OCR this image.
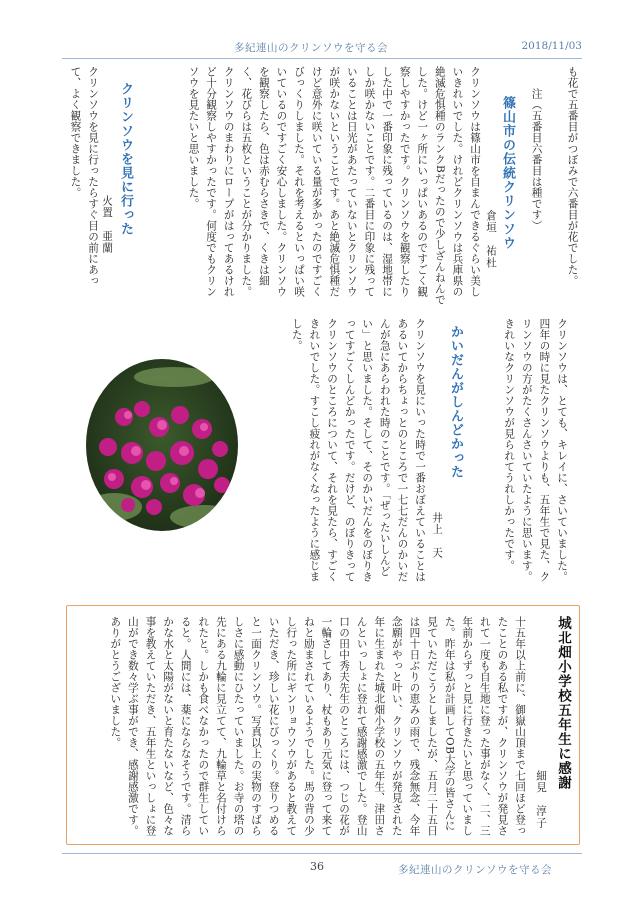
多紀連山のクリンソウを守る会	2018/11/03
も花で五番目がつぼみで六番目が花でした。
注（五番目六番目は種です）
篠山市の伝統クリンソウ
倉垣　祐杜
クリンソウは篠山市を自まんできるぐらい美しいきれいでした。けれどクリンソウは兵庫県の絶滅危惧種のランクBだったので少しざんねんでした。けど一ヶ所にいっぱいあるのですごく観察しやすかったです。クリンソウを観察したりした中で一番印象に残っているのは、湿地帯にしか咲かないことです。二番目に印象に残っていることは日光があたっていないとクリンソウが咲かないということです。あと絶滅危惧種だけど意外に咲いている量が多かったのですごくびっくりしました。それを考えるといっぱい咲いているのですごく安心しました。クリンソウを観察したら、色は赤むらさきで、くきは細く、花びらは五枚ということが分かりました。クリンソウのまわりにロープがはってあるけれど十分観察しやすかったです。何度でもクリンソウを見たいと思いました。
クリンソウを見に行った
火置　亜蘭
クリンソウを見に行ったらすぐ目の前にあって、よく観察できました。
クリンソウは、とても、キレイに、さいていました。四年の時に見たクリンソウよりも、五年生で見た、クリンソウの方がたくさんさいていたように思います。きれいなクリンソウが見られてうれしかったです。
かいだんがしんどかった
井上　天
クリンソウを見にいった時で一番おぼえていることはあるいてからちょっとのところで一七七だんのかいだんが急にあらわれた時のことです。「ぜったいしんどい」と思いました。そして、そのかいだんをのぼりきってすごくしんどかったです。だけど、のぼりきってクリンソウのところについて、それを見たら、すごくきれいでした。すこし疲れがなくなったように感じました。
城北畑小学校五年生に感謝
細見　淳子
十五年以上前に、御嶽山頂まで七回ほど登ったことのある私ですが、クリンソウが発見されて一度も自生地に登った事がなく、二、三年前からずっと見に行きたいと思っていました。昨年は私が計画してOB大学の皆さんに見ていただこうとしましたが、五月二十五日は四十日ぶりの恵みの雨で、残念無念、今年念願がやっと叶い、クリンソウが発見された年に生まれた城北畑小学校の五年生、津田さんといっしょに登れて感謝感激でした。登山口の田中秀夫先生のところには、つじの花が一輪さしてあり、杖もあり元気に登って来てねと励まされているようでした。馬の背の少し行った所にギンリョウソウがあると教えていただき、珍しい花にびっくり。登りつめると一面クリンソウ。写真以上の実物のすばらしさに感動にひたっていました。お寺の塔の先にある九輪に見立てて、九輪草と名付けられたと。しかも食べなかったので群生していると。人間には、薬にならなそうです。清らかな水と太陽がないと育たないなど、色々な事を教えていただき、五年生といっしょに登山ができ数々学ぶ事ができ、感謝感激です。ありがとうございました。
36	多紀連山のクリンソウを守る会
